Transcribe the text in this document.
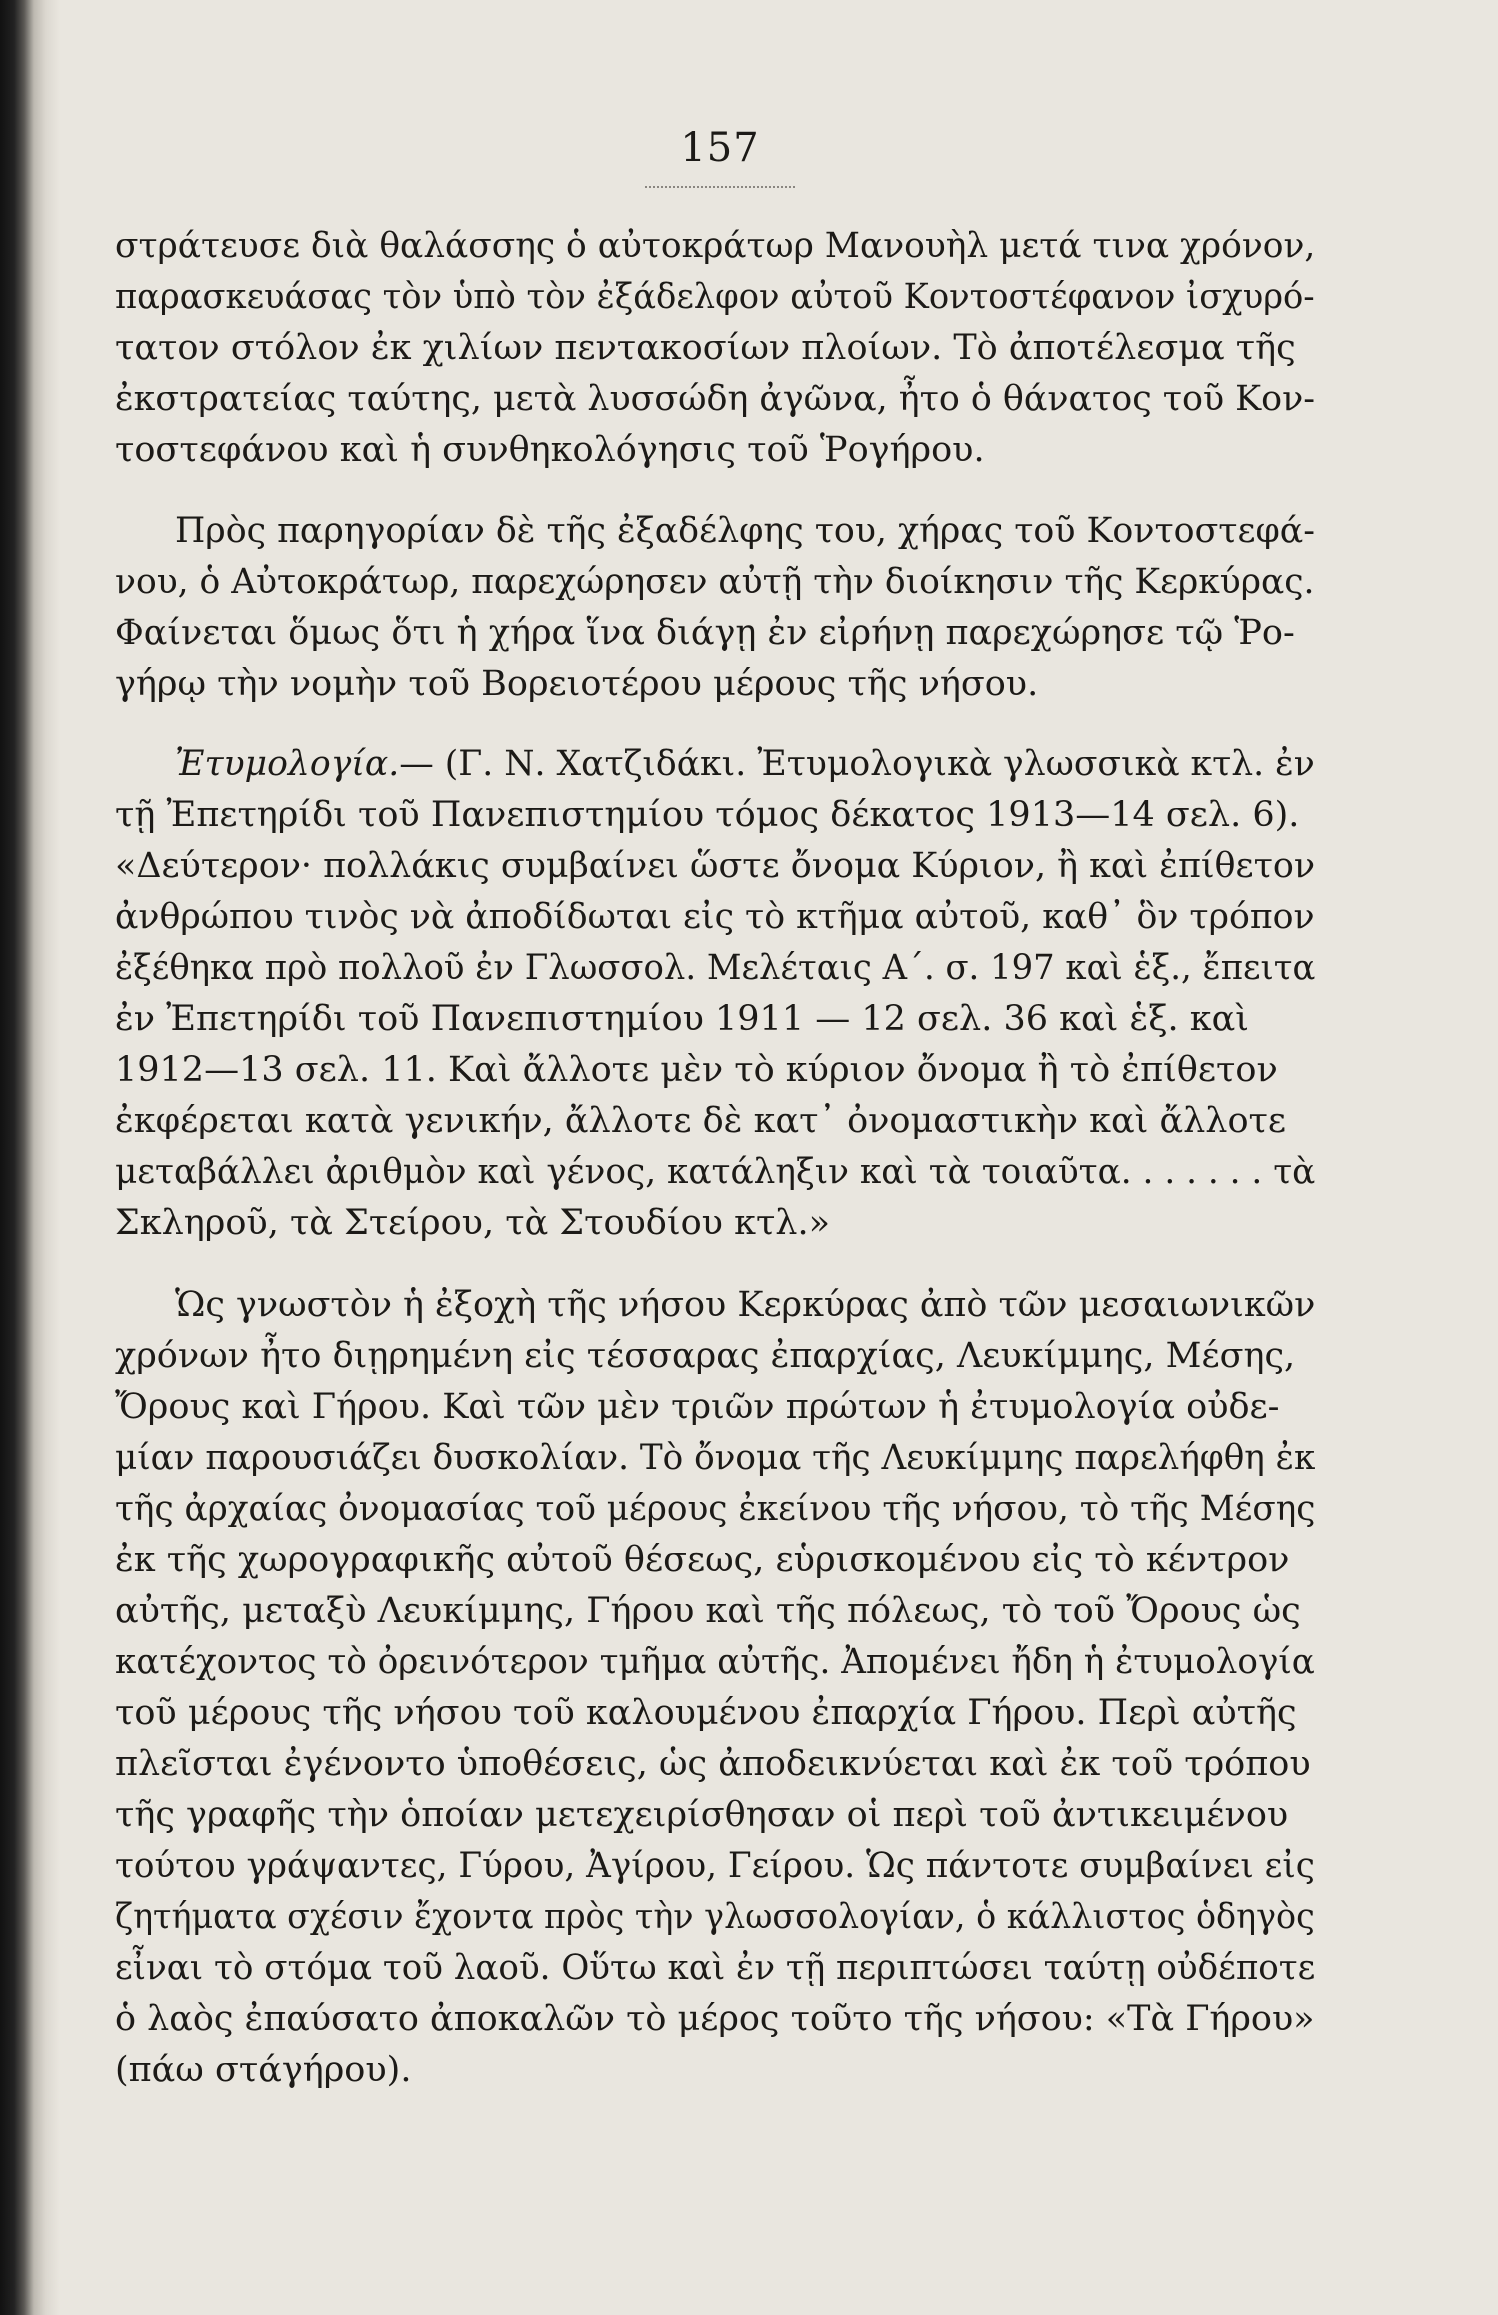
157
στράτευσε διὰ θαλάσσης ὁ αὐτοκράτωρ Μανουὴλ μετά τινα χρόνον,
παρασκευάσας τὸν ὑπὸ τὸν ἐξάδελφον αὐτοῦ Κοντοστέφανον ἰσχυρό-
τατον στόλον ἐκ χιλίων πεντακοσίων πλοίων. Τὸ ἀποτέλεσμα τῆς
ἐκστρατείας ταύτης, μετὰ λυσσώδη ἀγῶνα, ἦτο ὁ θάνατος τοῦ Κον-
τοστεφάνου καὶ ἡ συνθηκολόγησις τοῦ Ῥογήρου.
Πρὸς παρηγορίαν δὲ τῆς ἐξαδέλφης του, χήρας τοῦ Κοντοστεφά-
νου, ὁ Αὐτοκράτωρ, παρεχώρησεν αὐτῇ τὴν διοίκησιν τῆς Κερκύρας.
Φαίνεται ὅμως ὅτι ἡ χήρα ἵνα διάγῃ ἐν εἰρήνῃ παρεχώρησε τῷ Ῥο-
γήρῳ τὴν νομὴν τοῦ Βορειοτέρου μέρους τῆς νήσου.
Ἐτυμολογία.— (Γ. Ν. Χατζιδάκι. Ἐτυμολογικὰ γλωσσικὰ κτλ. ἐν
τῇ Ἐπετηρίδι τοῦ Πανεπιστημίου τόμος δέκατος 1913—14 σελ. 6).
«Δεύτερον· πολλάκις συμβαίνει ὥστε ὄνομα Κύριον, ἢ καὶ ἐπίθετον
ἀνθρώπου τινὸς νὰ ἀποδίδωται εἰς τὸ κτῆμα αὐτοῦ, καθ᾽ ὃν τρόπον
ἐξέθηκα πρὸ πολλοῦ ἐν Γλωσσολ. Μελέταις Α΄. σ. 197 καὶ ἑξ., ἔπειτα
ἐν Ἐπετηρίδι τοῦ Πανεπιστημίου 1911 — 12 σελ. 36 καὶ ἑξ. καὶ
1912—13 σελ. 11. Καὶ ἄλλοτε μὲν τὸ κύριον ὄνομα ἢ τὸ ἐπίθετον
ἐκφέρεται κατὰ γενικήν, ἄλλοτε δὲ κατ᾽ ὀνομαστικὴν καὶ ἄλλοτε
μεταβάλλει ἀριθμὸν καὶ γένος, κατάληξιν καὶ τὰ τοιαῦτα. . . . . . . τὰ
Σκληροῦ, τὰ Στείρου, τὰ Στουδίου κτλ.»
Ὡς γνωστὸν ἡ ἐξοχὴ τῆς νήσου Κερκύρας ἀπὸ τῶν μεσαιωνικῶν
χρόνων ἦτο διῃρημένη εἰς τέσσαρας ἐπαρχίας, Λευκίμμης, Μέσης,
Ὄρους καὶ Γήρου. Καὶ τῶν μὲν τριῶν πρώτων ἡ ἐτυμολογία οὐδε-
μίαν παρουσιάζει δυσκολίαν. Τὸ ὄνομα τῆς Λευκίμμης παρελήφθη ἐκ
τῆς ἀρχαίας ὀνομασίας τοῦ μέρους ἐκείνου τῆς νήσου, τὸ τῆς Μέσης
ἐκ τῆς χωρογραφικῆς αὐτοῦ θέσεως, εὑρισκομένου εἰς τὸ κέντρον
αὐτῆς, μεταξὺ Λευκίμμης, Γήρου καὶ τῆς πόλεως, τὸ τοῦ Ὄρους ὡς
κατέχοντος τὸ ὀρεινότερον τμῆμα αὐτῆς. Ἀπομένει ἤδη ἡ ἐτυμολογία
τοῦ μέρους τῆς νήσου τοῦ καλουμένου ἐπαρχία Γήρου. Περὶ αὐτῆς
πλεῖσται ἐγένοντο ὑποθέσεις, ὡς ἀποδεικνύεται καὶ ἐκ τοῦ τρόπου
τῆς γραφῆς τὴν ὁποίαν μετεχειρίσθησαν οἱ περὶ τοῦ ἀντικειμένου
τούτου γράψαντες, Γύρου, Ἀγίρου, Γείρου. Ὡς πάντοτε συμβαίνει εἰς
ζητήματα σχέσιν ἔχοντα πρὸς τὴν γλωσσολογίαν, ὁ κάλλιστος ὁδηγὸς
εἶναι τὸ στόμα τοῦ λαοῦ. Οὕτω καὶ ἐν τῇ περιπτώσει ταύτῃ οὐδέποτε
ὁ λαὸς ἐπαύσατο ἀποκαλῶν τὸ μέρος τοῦτο τῆς νήσου: «Τὰ Γήρου»
(πάω στάγήρου).
